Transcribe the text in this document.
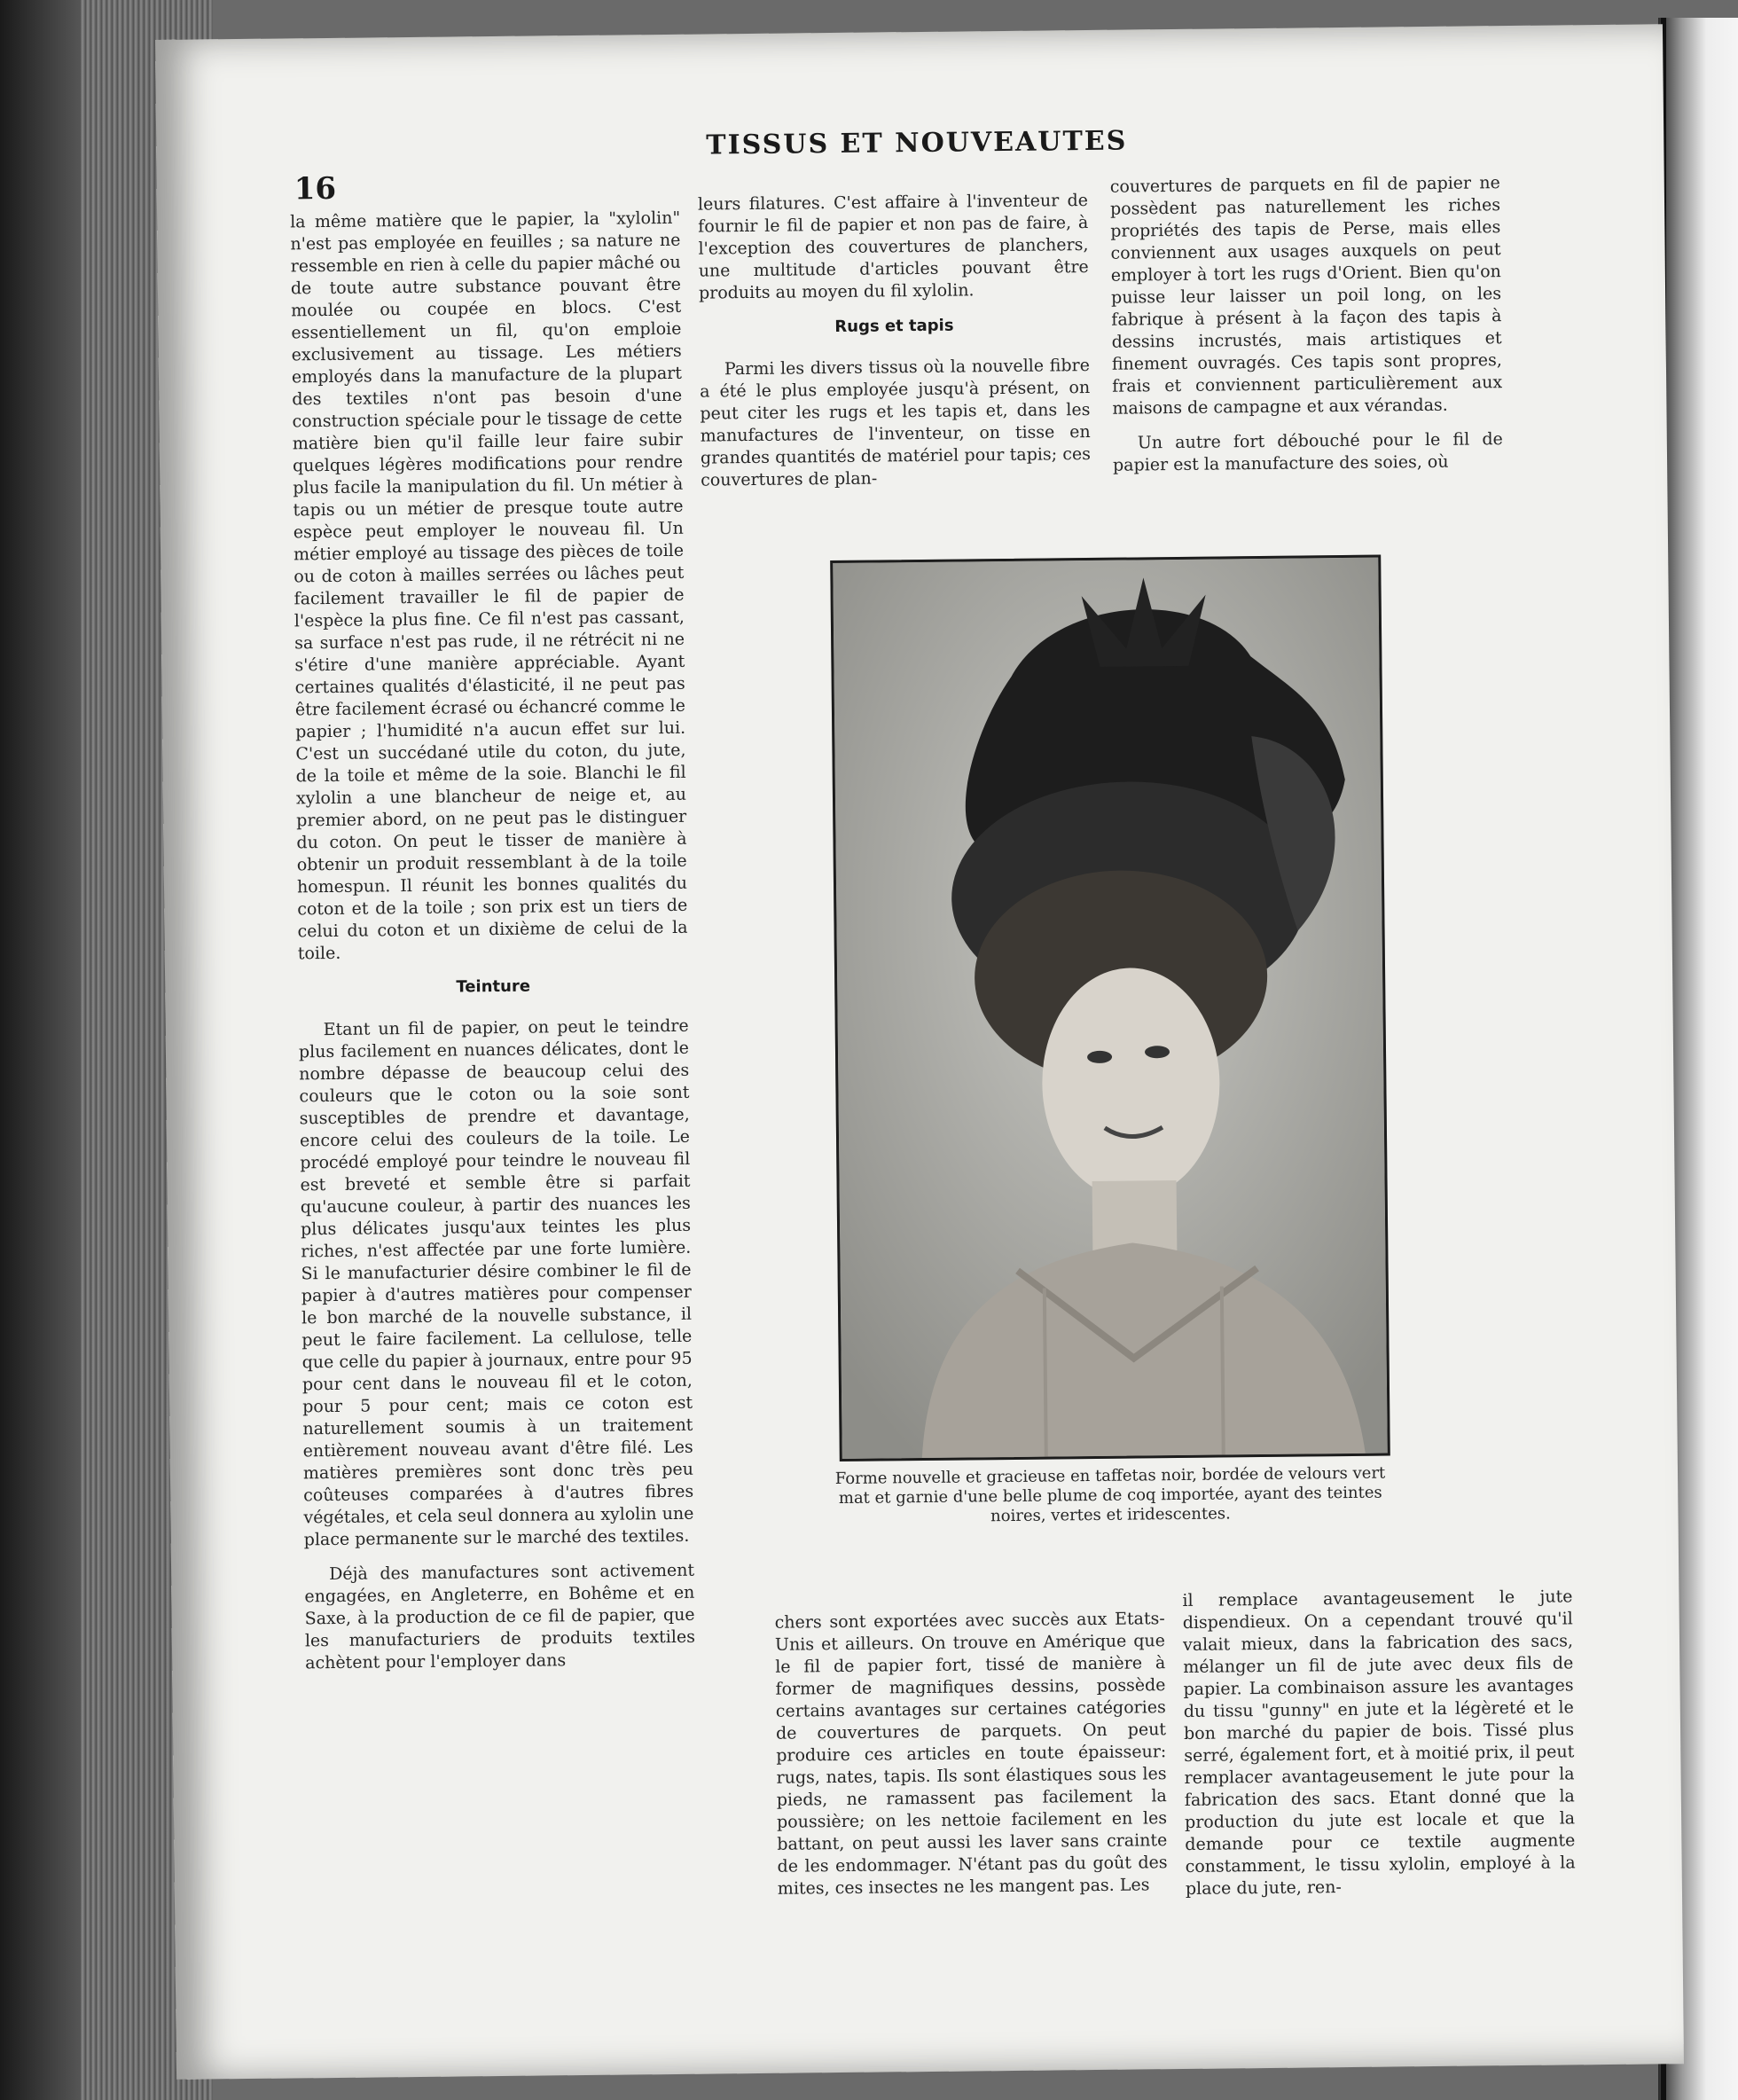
16
TISSUS ET NOUVEAUTES

la même matière que le papier, la "xylolin" n'est pas employée en feuilles ; sa nature ne ressemble en rien à celle du papier mâché ou de toute autre substance pouvant être moulée ou coupée en blocs. C'est essentiellement un fil, qu'on emploie exclusivement au tissage. Les métiers employés dans la manufacture de la plupart des textiles n'ont pas besoin d'une construction spéciale pour le tissage de cette matière bien qu'il faille leur faire subir quelques légères modifications pour rendre plus facile la manipulation du fil. Un métier à tapis ou un métier de presque toute autre espèce peut employer le nouveau fil. Un métier employé au tissage des pièces de toile ou de coton à mailles serrées ou lâches peut facilement travailler le fil de papier de l'espèce la plus fine. Ce fil n'est pas cassant, sa surface n'est pas rude, il ne rétrécit ni ne s'étire d'une manière appréciable. Ayant certaines qualités d'élasticité, il ne peut pas être facilement écrasé ou échancré comme le papier ; l'humidité n'a aucun effet sur lui. C'est un succédané utile du coton, du jute, de la toile et même de la soie. Blanchi le fil xylolin a une blancheur de neige et, au premier abord, on ne peut pas le distinguer du coton. On peut le tisser de manière à obtenir un produit ressemblant à de la toile homespun. Il réunit les bonnes qualités du coton et de la toile ; son prix est un tiers de celui du coton et un dixième de celui de la toile.

Teinture

Etant un fil de papier, on peut le teindre plus facilement en nuances délicates, dont le nombre dépasse de beaucoup celui des couleurs que le coton ou la soie sont susceptibles de prendre et davantage, encore celui des couleurs de la toile. Le procédé employé pour teindre le nouveau fil est breveté et semble être si parfait qu'aucune couleur, à partir des nuances les plus délicates jusqu'aux teintes les plus riches, n'est affectée par une forte lumière. Si le manufacturier désire combiner le fil de papier à d'autres matières pour compenser le bon marché de la nouvelle substance, il peut le faire facilement. La cellulose, telle que celle du papier à journaux, entre pour 95 pour cent dans le nouveau fil et le coton, pour 5 pour cent; mais ce coton est naturellement soumis à un traitement entièrement nouveau avant d'être filé. Les matières premières sont donc très peu coûteuses comparées à d'autres fibres végétales, et cela seul donnera au xylolin une place permanente sur le marché des textiles.

Déjà des manufactures sont activement engagées, en Angleterre, en Bohême et en Saxe, à la production de ce fil de papier, que les manufacturiers de produits textiles achètent pour l'employer dans

leurs filatures. C'est affaire à l'inventeur de fournir le fil de papier et non pas de faire, à l'exception des couvertures de planchers, une multitude d'articles pouvant être produits au moyen du fil xylolin.

Rugs et tapis

Parmi les divers tissus où la nouvelle fibre a été le plus employée jusqu'à présent, on peut citer les rugs et les tapis et, dans les manufactures de l'inventeur, on tisse en grandes quantités de matériel pour tapis; ces couvertures de plan-

couvertures de parquets en fil de papier ne possèdent pas naturellement les riches propriétés des tapis de Perse, mais elles conviennent aux usages auxquels on peut employer à tort les rugs d'Orient. Bien qu'on puisse leur laisser un poil long, on les fabrique à présent à la façon des tapis à dessins incrustés, mais artistiques et finement ouvragés. Ces tapis sont propres, frais et conviennent particulièrement aux maisons de campagne et aux vérandas.

Un autre fort débouché pour le fil de papier est la manufacture des soies, où

Forme nouvelle et gracieuse en taffetas noir, bordée de velours vert mat et garnie d'une belle plume de coq importée, ayant des teintes noires, vertes et iridescentes.

chers sont exportées avec succès aux Etats-Unis et ailleurs. On trouve en Amérique que le fil de papier fort, tissé de manière à former de magnifiques dessins, possède certains avantages sur certaines catégories de couvertures de parquets. On peut produire ces articles en toute épaisseur: rugs, nates, tapis. Ils sont élastiques sous les pieds, ne ramassent pas facilement la poussière; on les nettoie facilement en les battant, on peut aussi les laver sans crainte de les endommager. N'étant pas du goût des mites, ces insectes ne les mangent pas. Les

il remplace avantageusement le jute dispendieux. On a cependant trouvé qu'il valait mieux, dans la fabrication des sacs, mélanger un fil de jute avec deux fils de papier. La combinaison assure les avantages du tissu "gunny" en jute et la légèreté et le bon marché du papier de bois. Tissé plus serré, également fort, et à moitié prix, il peut remplacer avantageusement le jute pour la fabrication des sacs. Etant donné que la production du jute est locale et que la demande pour ce textile augmente constamment, le tissu xylolin, employé à la place du jute, ren-
